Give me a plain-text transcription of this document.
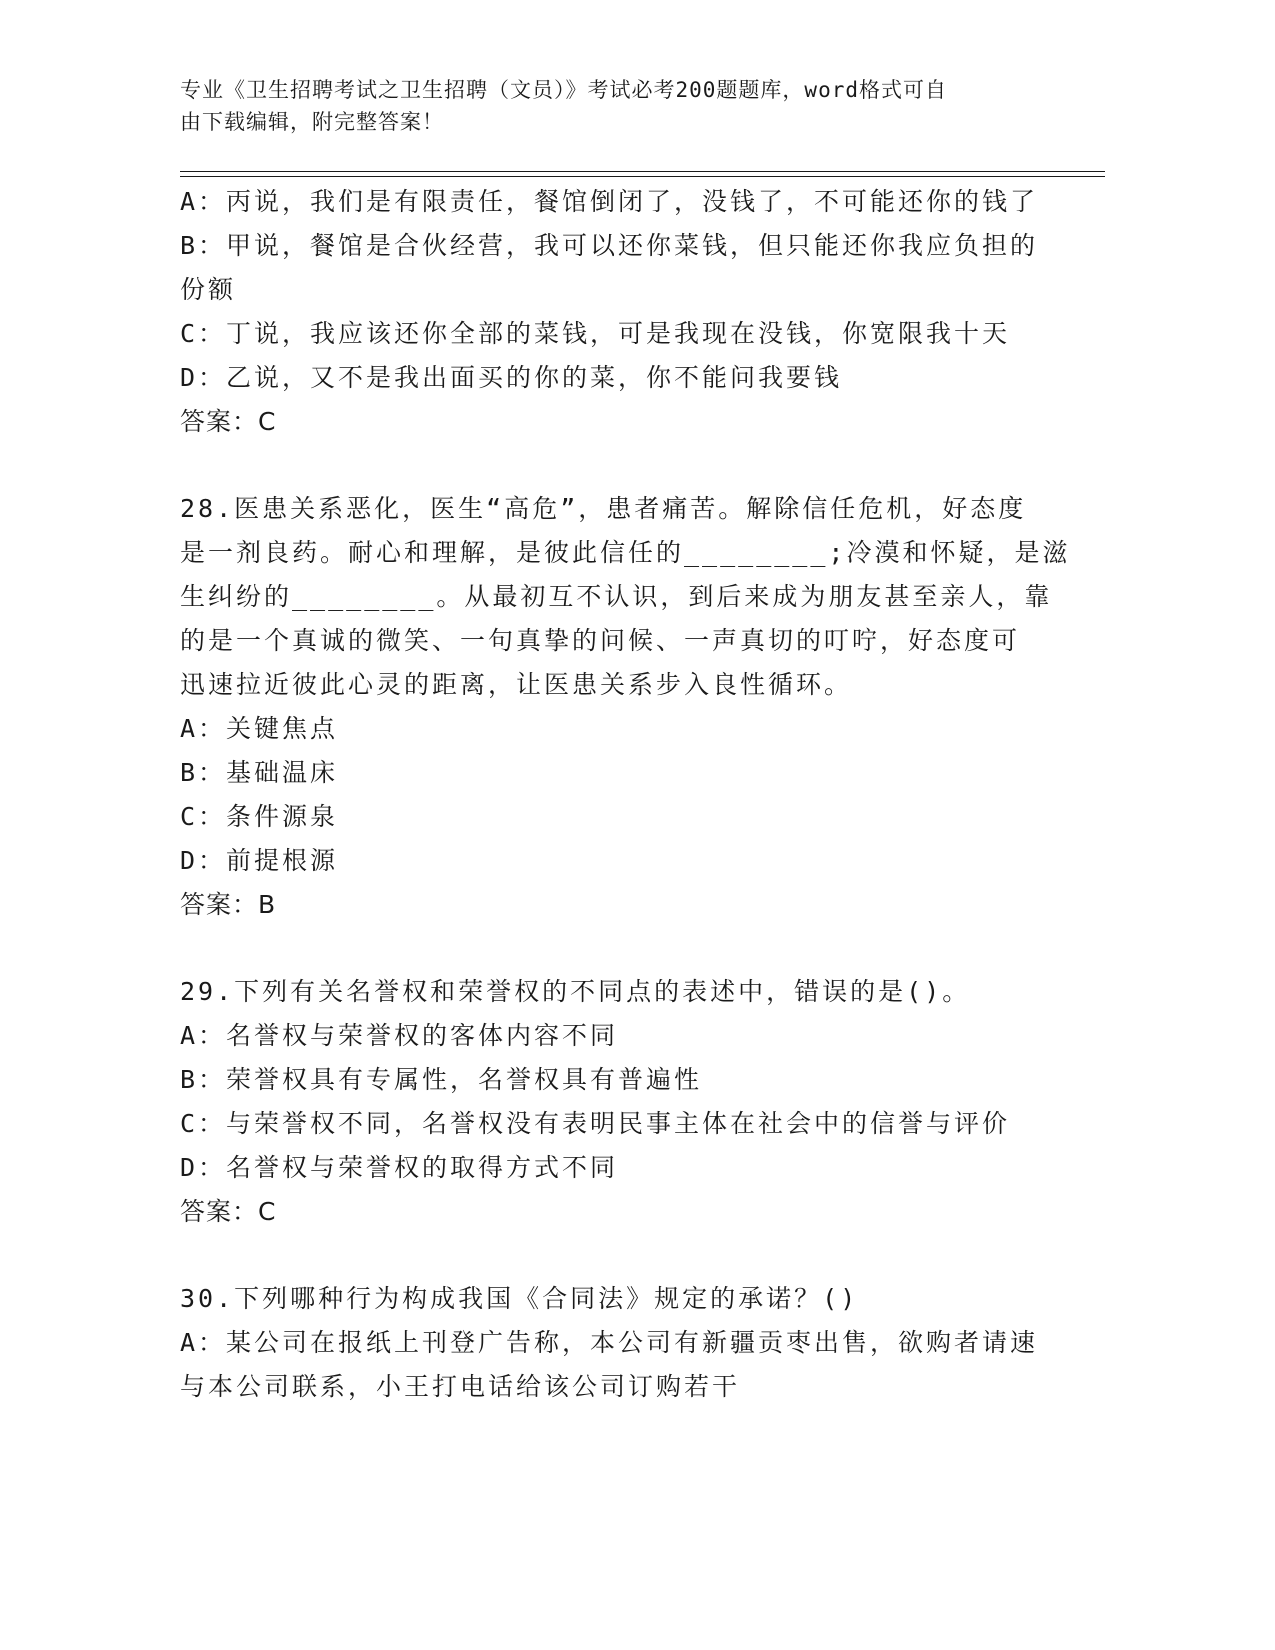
专业《卫生招聘考试之卫生招聘（文员）》考试必考200题题库，word格式可自
由下载编辑，附完整答案！
A：丙说，我们是有限责任，餐馆倒闭了，没钱了，不可能还你的钱了
B：甲说，餐馆是合伙经营，我可以还你菜钱，但只能还你我应负担的
份额
C：丁说，我应该还你全部的菜钱，可是我现在没钱，你宽限我十天
D：乙说，又不是我出面买的你的菜，你不能问我要钱
答案：C
28.医患关系恶化，医生“高危”，患者痛苦。解除信任危机，好态度
是一剂良药。耐心和理解，是彼此信任的________;冷漠和怀疑，是滋
生纠纷的________。从最初互不认识，到后来成为朋友甚至亲人，靠
的是一个真诚的微笑、一句真挚的问候、一声真切的叮咛，好态度可
迅速拉近彼此心灵的距离，让医患关系步入良性循环。
A：关键焦点
B：基础温床
C：条件源泉
D：前提根源
答案：B
29.下列有关名誉权和荣誉权的不同点的表述中，错误的是()。
A：名誉权与荣誉权的客体内容不同
B：荣誉权具有专属性，名誉权具有普遍性
C：与荣誉权不同，名誉权没有表明民事主体在社会中的信誉与评价
D：名誉权与荣誉权的取得方式不同
答案：C
30.下列哪种行为构成我国《合同法》规定的承诺？()
A：某公司在报纸上刊登广告称，本公司有新疆贡枣出售，欲购者请速
与本公司联系，小王打电话给该公司订购若干
